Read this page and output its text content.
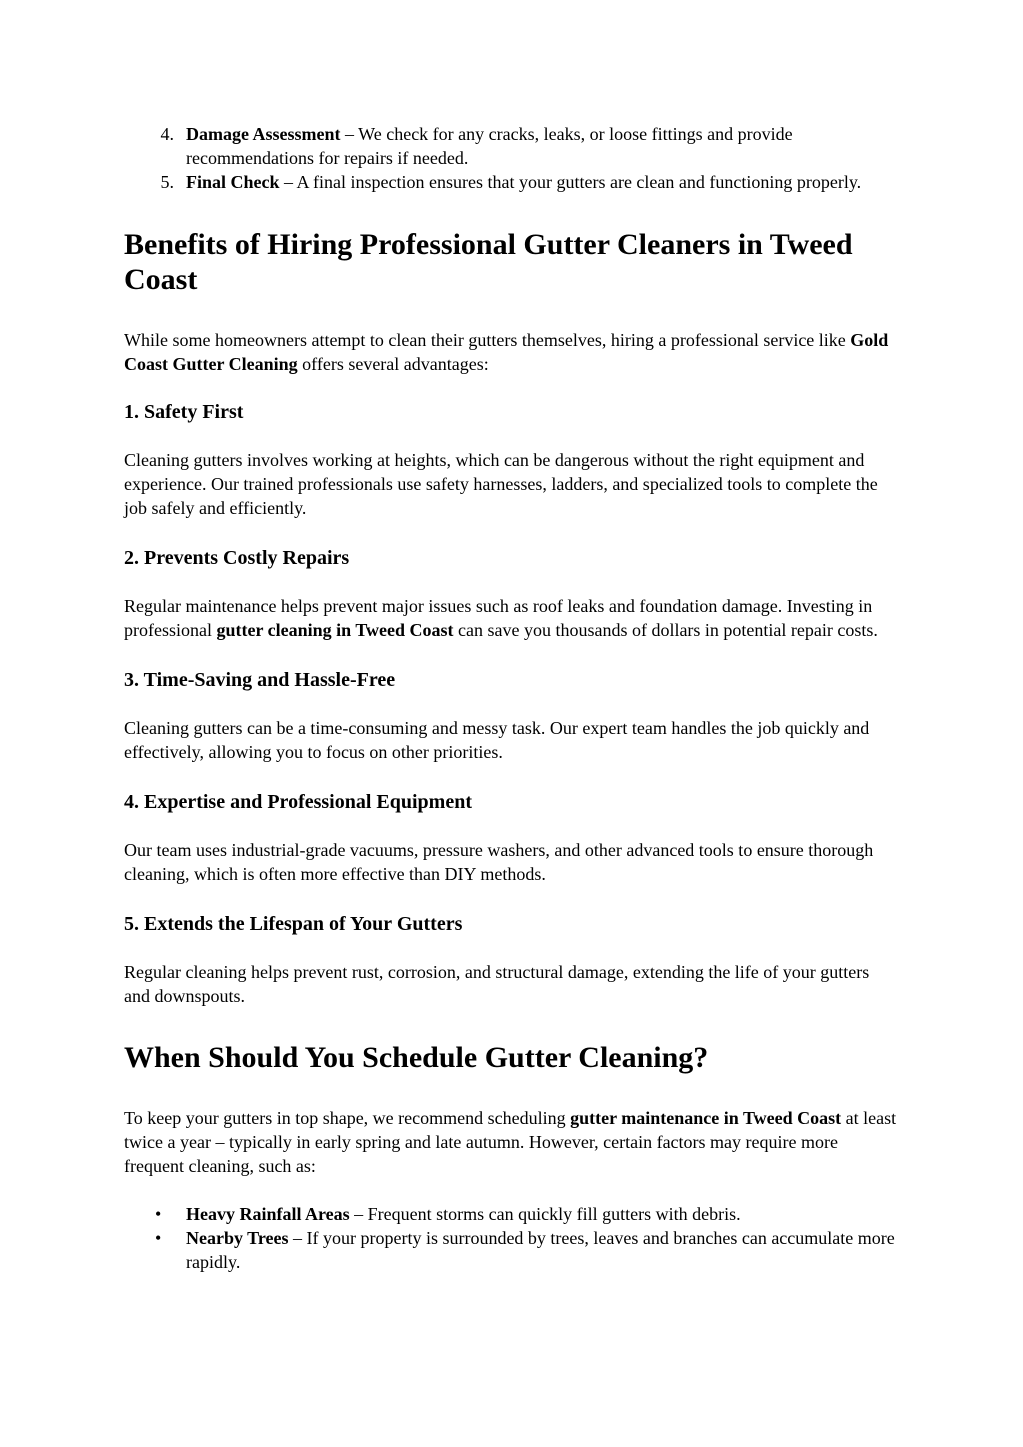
4. Damage Assessment – We check for any cracks, leaks, or loose fittings and provide recommendations for repairs if needed.
5. Final Check – A final inspection ensures that your gutters are clean and functioning properly.
Benefits of Hiring Professional Gutter Cleaners in Tweed Coast

While some homeowners attempt to clean their gutters themselves, hiring a professional service like Gold Coast Gutter Cleaning offers several advantages:

1. Safety First

Cleaning gutters involves working at heights, which can be dangerous without the right equipment and experience. Our trained professionals use safety harnesses, ladders, and specialized tools to complete the job safely and efficiently.

2. Prevents Costly Repairs

Regular maintenance helps prevent major issues such as roof leaks and foundation damage. Investing in professional gutter cleaning in Tweed Coast can save you thousands of dollars in potential repair costs.

3. Time-Saving and Hassle-Free

Cleaning gutters can be a time-consuming and messy task. Our expert team handles the job quickly and effectively, allowing you to focus on other priorities.

4. Expertise and Professional Equipment

Our team uses industrial-grade vacuums, pressure washers, and other advanced tools to ensure thorough cleaning, which is often more effective than DIY methods.

5. Extends the Lifespan of Your Gutters

Regular cleaning helps prevent rust, corrosion, and structural damage, extending the life of your gutters and downspouts.

When Should You Schedule Gutter Cleaning?

To keep your gutters in top shape, we recommend scheduling gutter maintenance in Tweed Coast at least twice a year – typically in early spring and late autumn. However, certain factors may require more frequent cleaning, such as:

• Heavy Rainfall Areas – Frequent storms can quickly fill gutters with debris.
• Nearby Trees – If your property is surrounded by trees, leaves and branches can accumulate more rapidly.
